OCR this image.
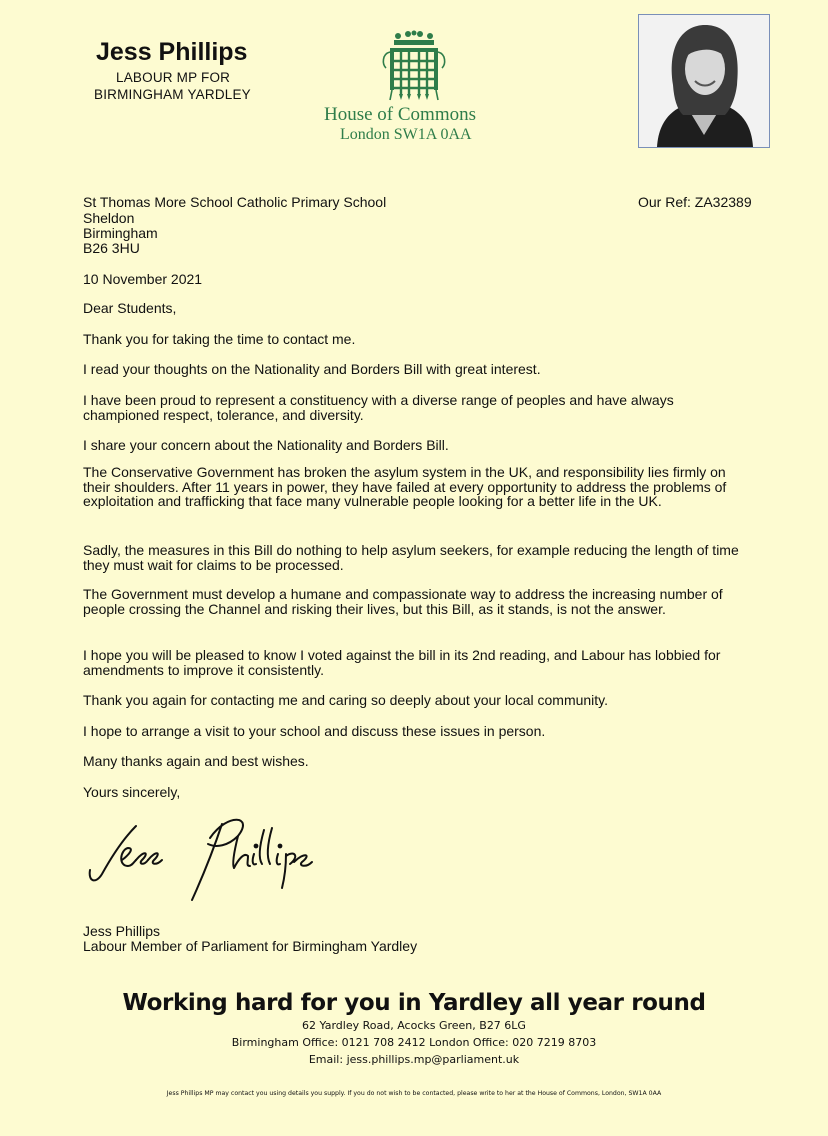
Jess Phillips
LABOUR MP FOR
BIRMINGHAM YARDLEY
House of Commons
London SW1A 0AA
St Thomas More School Catholic Primary School
Sheldon
Birmingham
B26 3HU
Our Ref: ZA32389
10 November 2021
Dear Students,
Thank you for taking the time to contact me.
I read your thoughts on the Nationality and Borders Bill with great interest.
I have been proud to represent a constituency with a diverse range of peoples and have always championed respect, tolerance, and diversity.
I share your concern about the Nationality and Borders Bill.
The Conservative Government has broken the asylum system in the UK, and responsibility lies firmly on their shoulders. After 11 years in power, they have failed at every opportunity to address the problems of exploitation and trafficking that face many vulnerable people looking for a better life in the UK.
Sadly, the measures in this Bill do nothing to help asylum seekers, for example reducing the length of time they must wait for claims to be processed.
The Government must develop a humane and compassionate way to address the increasing number of people crossing the Channel and risking their lives, but this Bill, as it stands, is not the answer.
I hope you will be pleased to know I voted against the bill in its 2nd reading, and Labour has lobbied for amendments to improve it consistently.
Thank you again for contacting me and caring so deeply about your local community.
I hope to arrange a visit to your school and discuss these issues in person.
Many thanks again and best wishes.
Yours sincerely,
Jess Phillips
Labour Member of Parliament for Birmingham Yardley
Working hard for you in Yardley all year round
62 Yardley Road, Acocks Green, B27 6LG
Birmingham Office: 0121 708 2412 London Office: 020 7219 8703
Email: jess.phillips.mp@parliament.uk
Jess Phillips MP may contact you using details you supply. If you do not wish to be contacted, please write to her at the House of Commons, London, SW1A 0AA
